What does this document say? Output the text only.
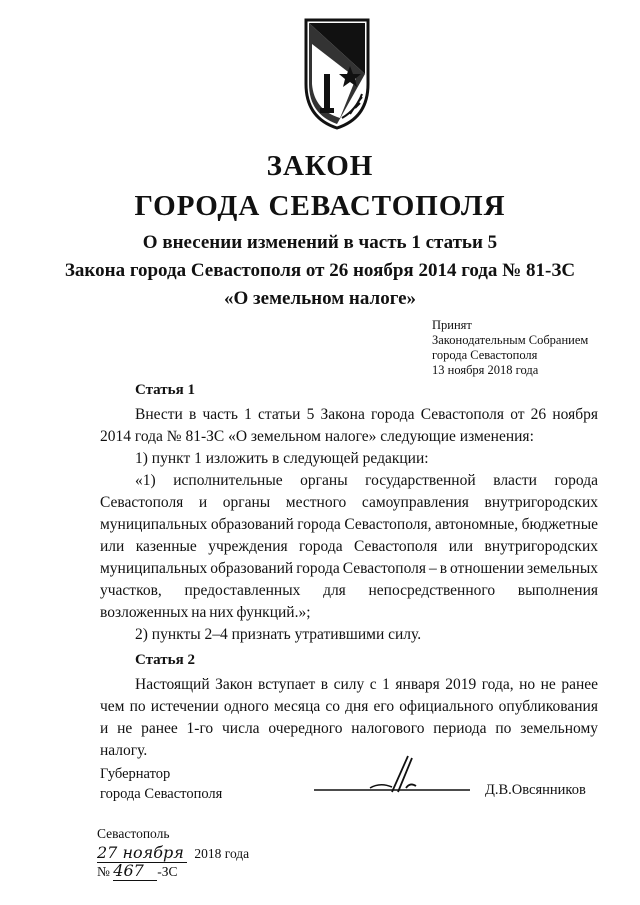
ЗАКОН
ГОРОДА СЕВАСТОПОЛЯ
О внесении изменений в часть 1 статьи 5
Закона города Севастополя от 26 ноября 2014 года № 81-ЗС
«О земельном налоге»
Принят
Законодательным Собранием
города Севастополя
13 ноября 2018 года
Статья 1

Внести в часть 1 статьи 5 Закона города Севастополя от 26 ноября 2014 года № 81-ЗС «О земельном налоге» следующие изменения:

1) пункт 1 изложить в следующей редакции:

«1) исполнительные органы государственной власти города Севастополя и органы местного самоуправления внутригородских муниципальных образований города Севастополя, автономные, бюджетные или казенные учреждения города Севастополя или внутригородских муниципальных образований города Севастополя – в отношении земельных участков, предоставленных для непосредственного выполнения возложенных на них функций.»;

2) пункты 2–4 признать утратившими силу.

Статья 2

Настоящий Закон вступает в силу с 1 января 2019 года, но не ранее чем по истечении одного месяца со дня его официального опубликования и не ранее 1-го числа очередного налогового периода по земельному налогу.

Губернатор
города Севастополя	Д.В.Овсянников
Севастополь
27 ноября 2018 года
№ 467 -ЗС
